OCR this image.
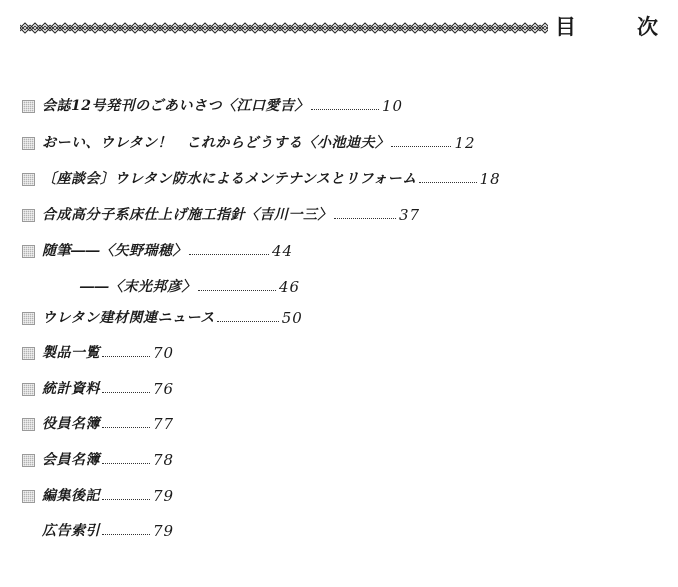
目　次
会誌12号発刊のごあいさつ〈江口愛吉〉	10
おーい、ウレタン！　これからどうする〈小池迪夫〉	12
〔座談会〕ウレタン防水によるメンテナンスとリフォーム	18
合成高分子系床仕上げ施工指針〈吉川一三〉	37
随筆――〈矢野瑞穂〉	44
――〈末光邦彦〉	46
ウレタン建材関連ニュース	50
製品一覧	70
統計資料	76
役員名簿	77
会員名簿	78
編集後記	79
広告索引	79
